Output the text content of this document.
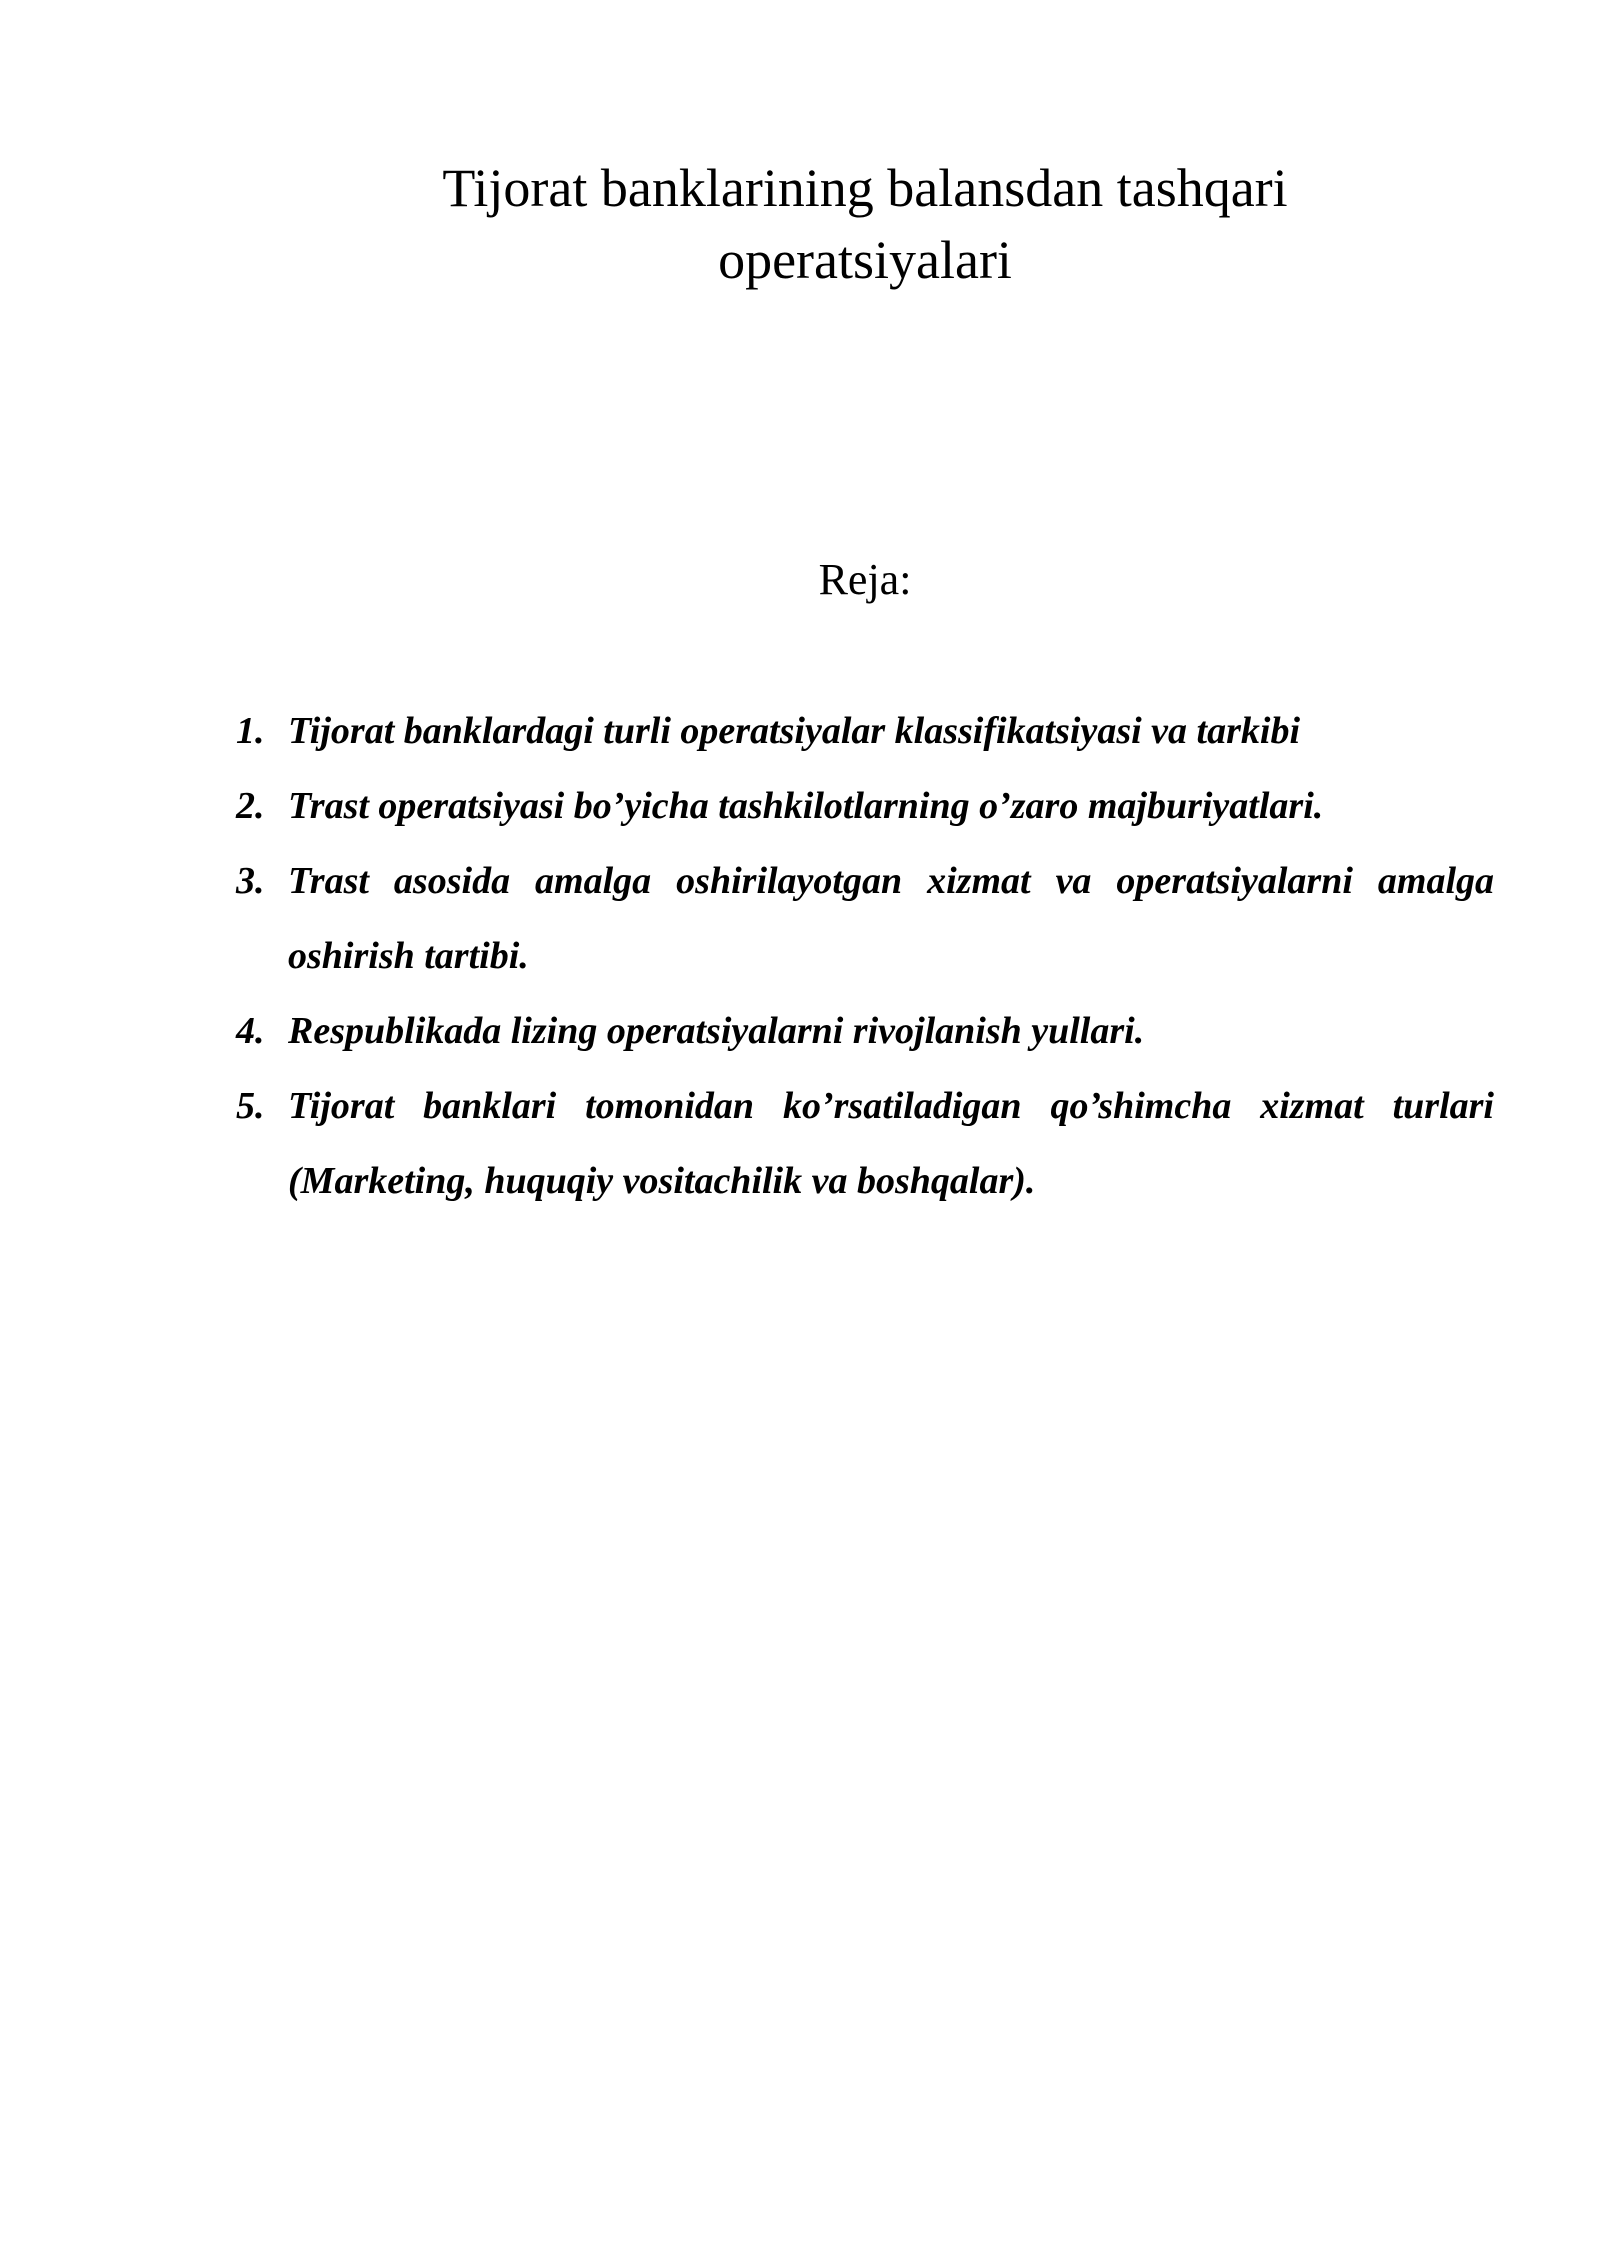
Tijorat banklarining balansdan tashqari
operatsiyalari

Reja:

1. Tijorat banklardagi turli operatsiyalar klassifikatsiyasi va tarkibi
2. Trast operatsiyasi bo’yicha tashkilotlarning o’zaro majburiyatlari.
3. Trast asosida amalga oshirilayotgan xizmat va operatsiyalarni amalga oshirish tartibi.
4. Respublikada lizing operatsiyalarni rivojlanish yullari.
5. Tijorat banklari tomonidan ko’rsatiladigan qo’shimcha xizmat turlari (Marketing, huquqiy vositachilik va boshqalar).
